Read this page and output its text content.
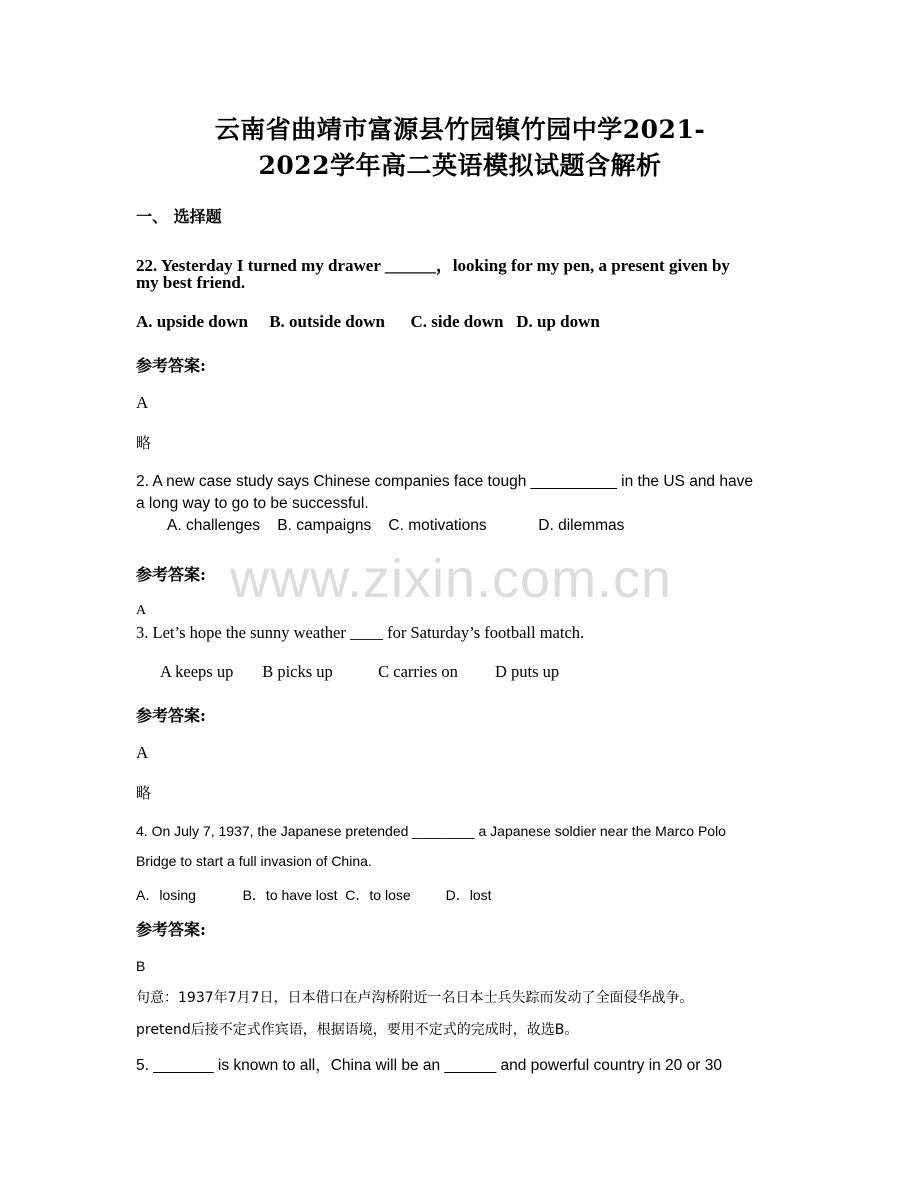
www.zixin.com.cn
云南省曲靖市富源县竹园镇竹园中学2021-
2022学年高二英语模拟试题含解析
一、 选择题
22. Yesterday I turned my drawer ______，looking for my pen, a present given by
my best friend.
A. upside down     B. outside down      C. side down   D. up down
参考答案:
A
略
2. A new case study says Chinese companies face tough __________ in the US and have
a long way to go to be successful.
A. challenges    B. campaigns    C. motivations            D. dilemmas
参考答案:
A
3. Let’s hope the sunny weather ____ for Saturday’s football match.
A keeps up       B picks up           C carries on         D puts up
参考答案:
A
略
4. On July 7, 1937, the Japanese pretended ________ a Japanese soldier near the Marco Polo
Bridge to start a full invasion of China.
A．losing            B．to have lost  C．to lose         D．lost
参考答案:
B
句意：1937年7月7日，日本借口在卢沟桥附近一名日本士兵失踪而发动了全面侵华战争。
pretend后接不定式作宾语，根据语境，要用不定式的完成时，故选B。
5. _______ is known to all，China will be an ______ and powerful country in 20 or 30
